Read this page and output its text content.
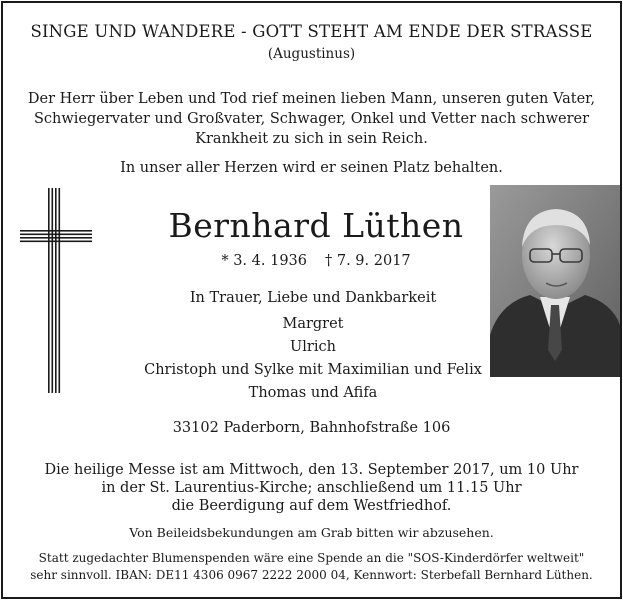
SINGE UND WANDERE - GOTT STEHT AM ENDE DER STRASSE
(Augustinus)
Der Herr über Leben und Tod rief meinen lieben Mann, unseren guten Vater,
Schwiegervater und Großvater, Schwager, Onkel und Vetter nach schwerer
Krankheit zu sich in sein Reich.
In unser aller Herzen wird er seinen Platz behalten.
Bernhard Lüthen
* 3. 4. 1936 † 7. 9. 2017
In Trauer, Liebe und Dankbarkeit
Margret
Ulrich
Christoph und Sylke mit Maximilian und Felix
Thomas und Afifa
33102 Paderborn, Bahnhofstraße 106
Die heilige Messe ist am Mittwoch, den 13. September 2017, um 10 Uhr
in der St. Laurentius-Kirche; anschließend um 11.15 Uhr
die Beerdigung auf dem Westfriedhof.
Von Beileidsbekundungen am Grab bitten wir abzusehen.
Statt zugedachter Blumenspenden wäre eine Spende an die "SOS-Kinderdörfer weltweit"
sehr sinnvoll. IBAN: DE11 4306 0967 2222 2000 04, Kennwort: Sterbefall Bernhard Lüthen.
